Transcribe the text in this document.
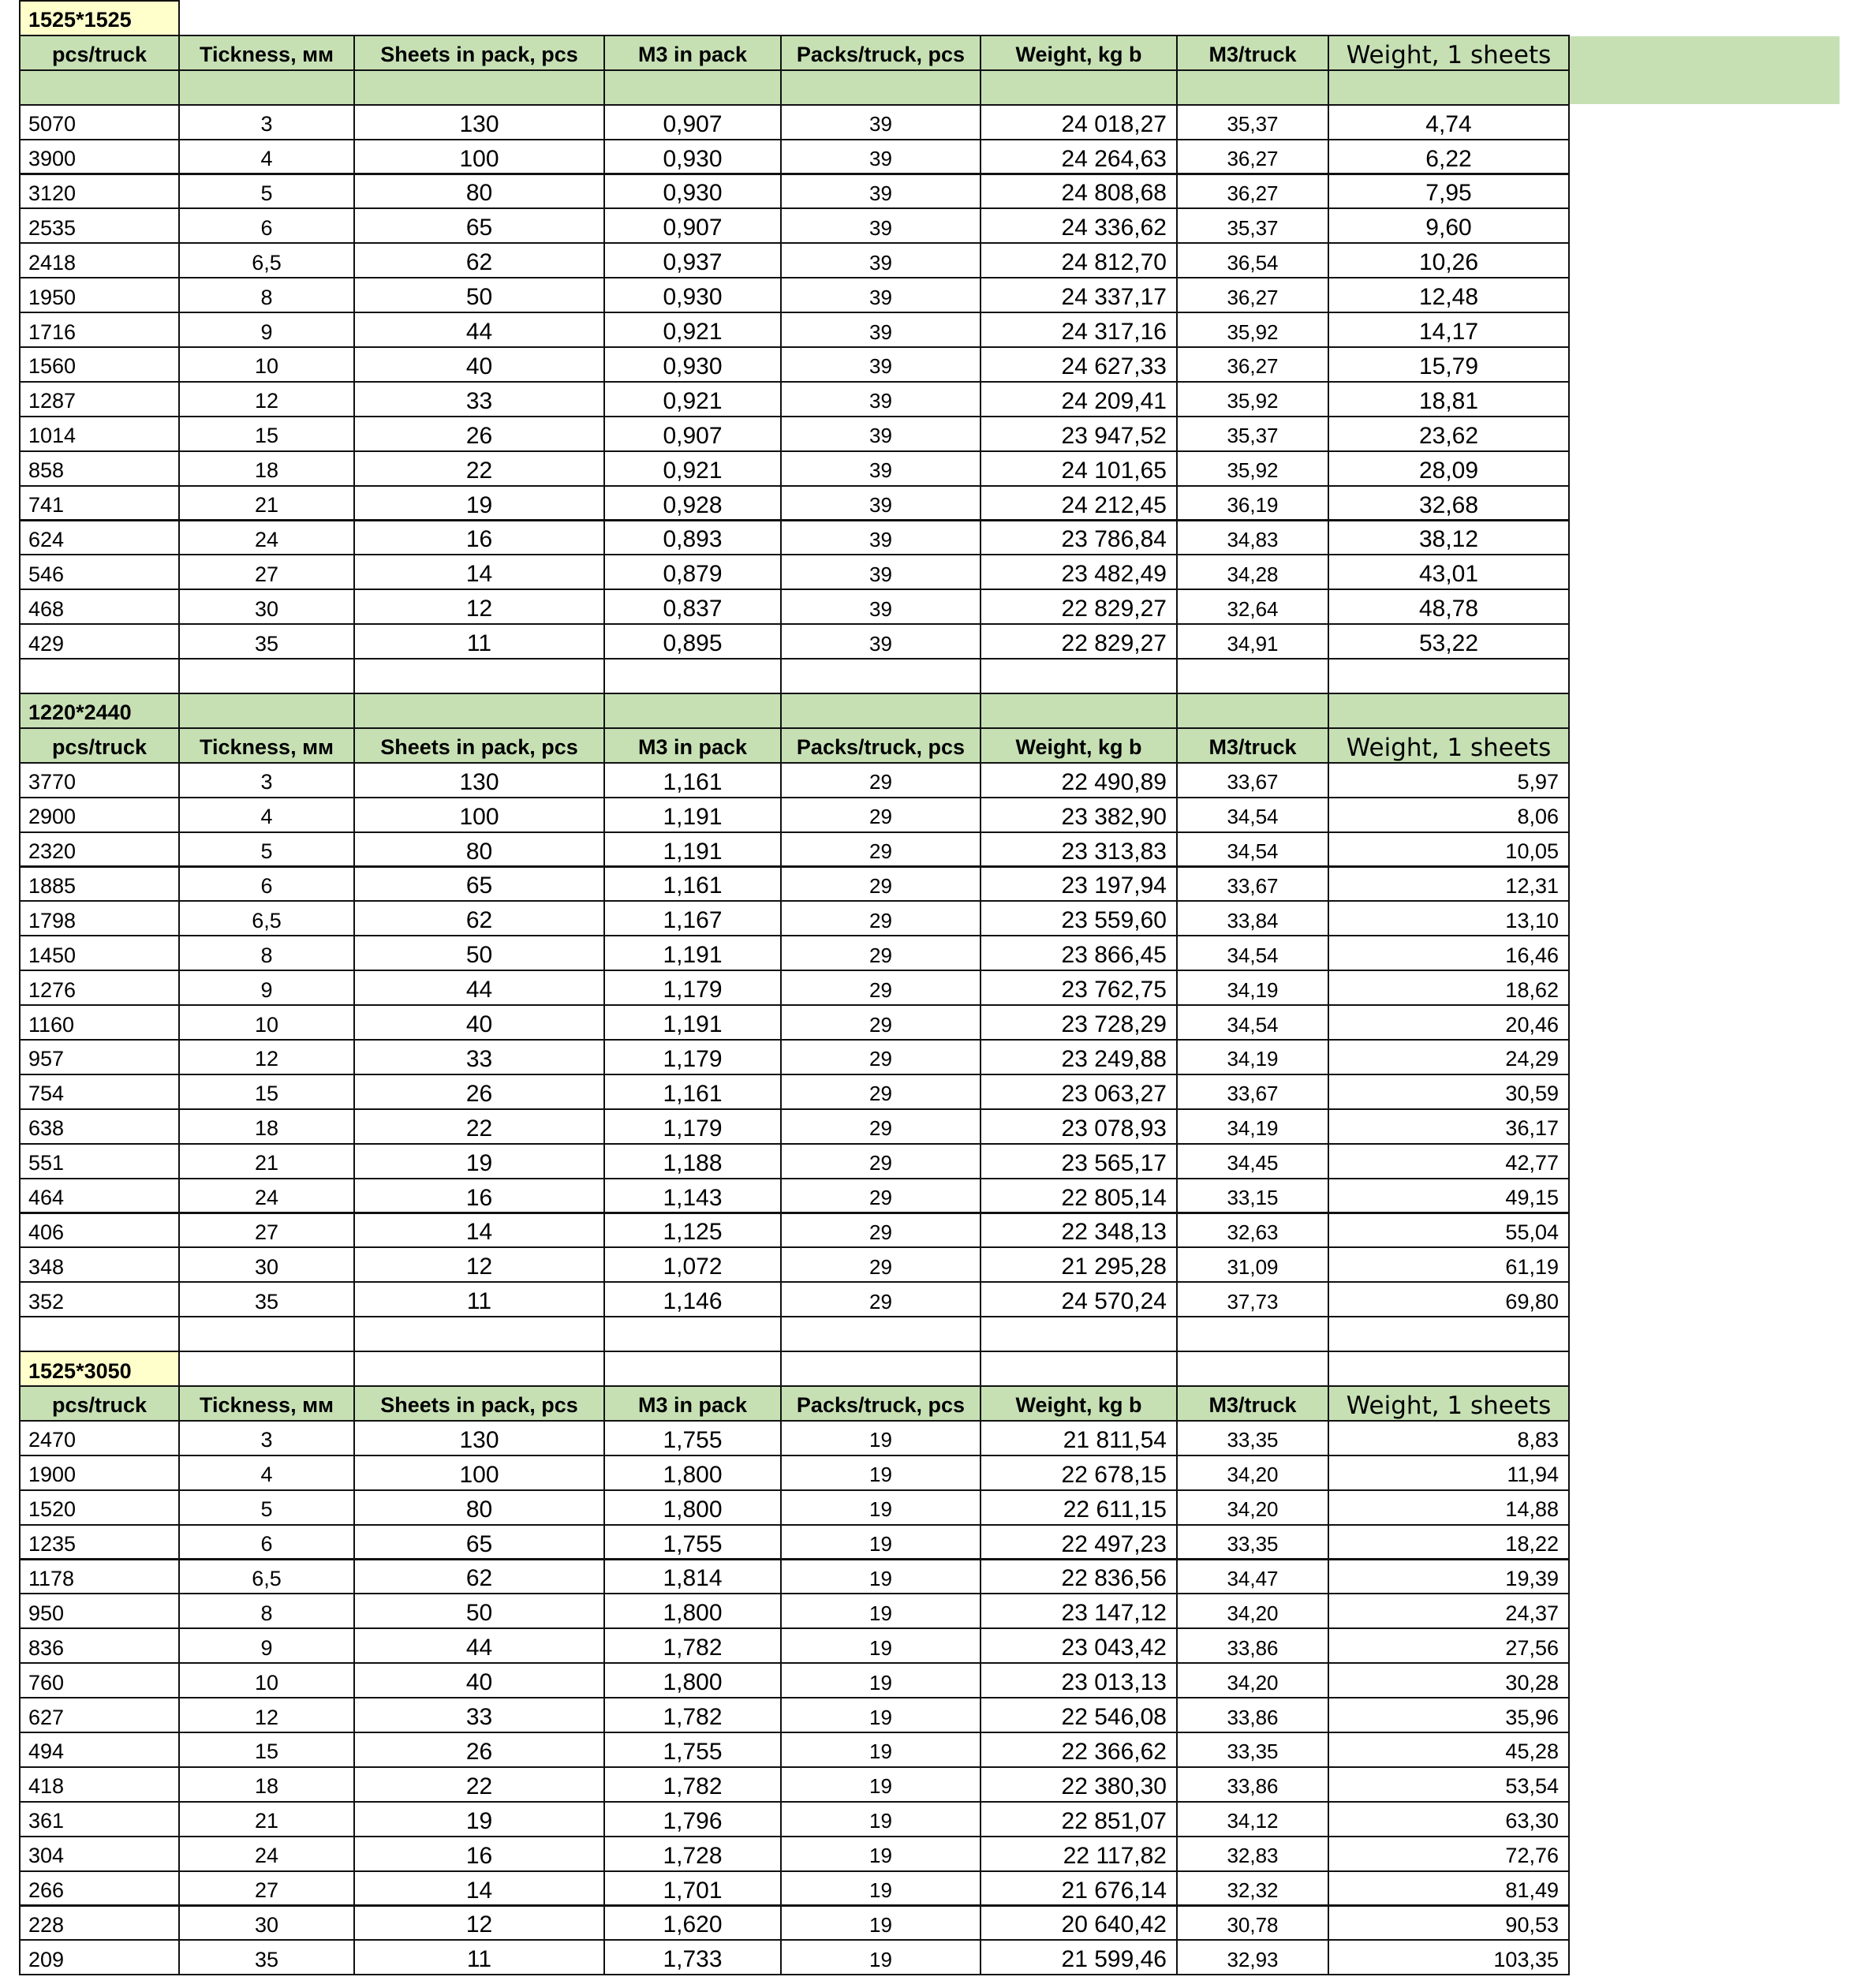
1525*1525
pcs/truck	Tickness, мм	Sheets in pack, pcs	M3 in pack	Packs/truck, pcs	Weight, kg b	M3/truck	Weight, 1 sheets
5070	3	130	0,907	39	24 018,27	35,37	4,74
3900	4	100	0,930	39	24 264,63	36,27	6,22
3120	5	80	0,930	39	24 808,68	36,27	7,95
2535	6	65	0,907	39	24 336,62	35,37	9,60
2418	6,5	62	0,937	39	24 812,70	36,54	10,26
1950	8	50	0,930	39	24 337,17	36,27	12,48
1716	9	44	0,921	39	24 317,16	35,92	14,17
1560	10	40	0,930	39	24 627,33	36,27	15,79
1287	12	33	0,921	39	24 209,41	35,92	18,81
1014	15	26	0,907	39	23 947,52	35,37	23,62
858	18	22	0,921	39	24 101,65	35,92	28,09
741	21	19	0,928	39	24 212,45	36,19	32,68
624	24	16	0,893	39	23 786,84	34,83	38,12
546	27	14	0,879	39	23 482,49	34,28	43,01
468	30	12	0,837	39	22 829,27	32,64	48,78
429	35	11	0,895	39	22 829,27	34,91	53,22
1220*2440
pcs/truck	Tickness, мм	Sheets in pack, pcs	M3 in pack	Packs/truck, pcs	Weight, kg b	M3/truck	Weight, 1 sheets
3770	3	130	1,161	29	22 490,89	33,67	5,97
2900	4	100	1,191	29	23 382,90	34,54	8,06
2320	5	80	1,191	29	23 313,83	34,54	10,05
1885	6	65	1,161	29	23 197,94	33,67	12,31
1798	6,5	62	1,167	29	23 559,60	33,84	13,10
1450	8	50	1,191	29	23 866,45	34,54	16,46
1276	9	44	1,179	29	23 762,75	34,19	18,62
1160	10	40	1,191	29	23 728,29	34,54	20,46
957	12	33	1,179	29	23 249,88	34,19	24,29
754	15	26	1,161	29	23 063,27	33,67	30,59
638	18	22	1,179	29	23 078,93	34,19	36,17
551	21	19	1,188	29	23 565,17	34,45	42,77
464	24	16	1,143	29	22 805,14	33,15	49,15
406	27	14	1,125	29	22 348,13	32,63	55,04
348	30	12	1,072	29	21 295,28	31,09	61,19
352	35	11	1,146	29	24 570,24	37,73	69,80
1525*3050
pcs/truck	Tickness, мм	Sheets in pack, pcs	M3 in pack	Packs/truck, pcs	Weight, kg b	M3/truck	Weight, 1 sheets
2470	3	130	1,755	19	21 811,54	33,35	8,83
1900	4	100	1,800	19	22 678,15	34,20	11,94
1520	5	80	1,800	19	22 611,15	34,20	14,88
1235	6	65	1,755	19	22 497,23	33,35	18,22
1178	6,5	62	1,814	19	22 836,56	34,47	19,39
950	8	50	1,800	19	23 147,12	34,20	24,37
836	9	44	1,782	19	23 043,42	33,86	27,56
760	10	40	1,800	19	23 013,13	34,20	30,28
627	12	33	1,782	19	22 546,08	33,86	35,96
494	15	26	1,755	19	22 366,62	33,35	45,28
418	18	22	1,782	19	22 380,30	33,86	53,54
361	21	19	1,796	19	22 851,07	34,12	63,30
304	24	16	1,728	19	22 117,82	32,83	72,76
266	27	14	1,701	19	21 676,14	32,32	81,49
228	30	12	1,620	19	20 640,42	30,78	90,53
209	35	11	1,733	19	21 599,46	32,93	103,35
